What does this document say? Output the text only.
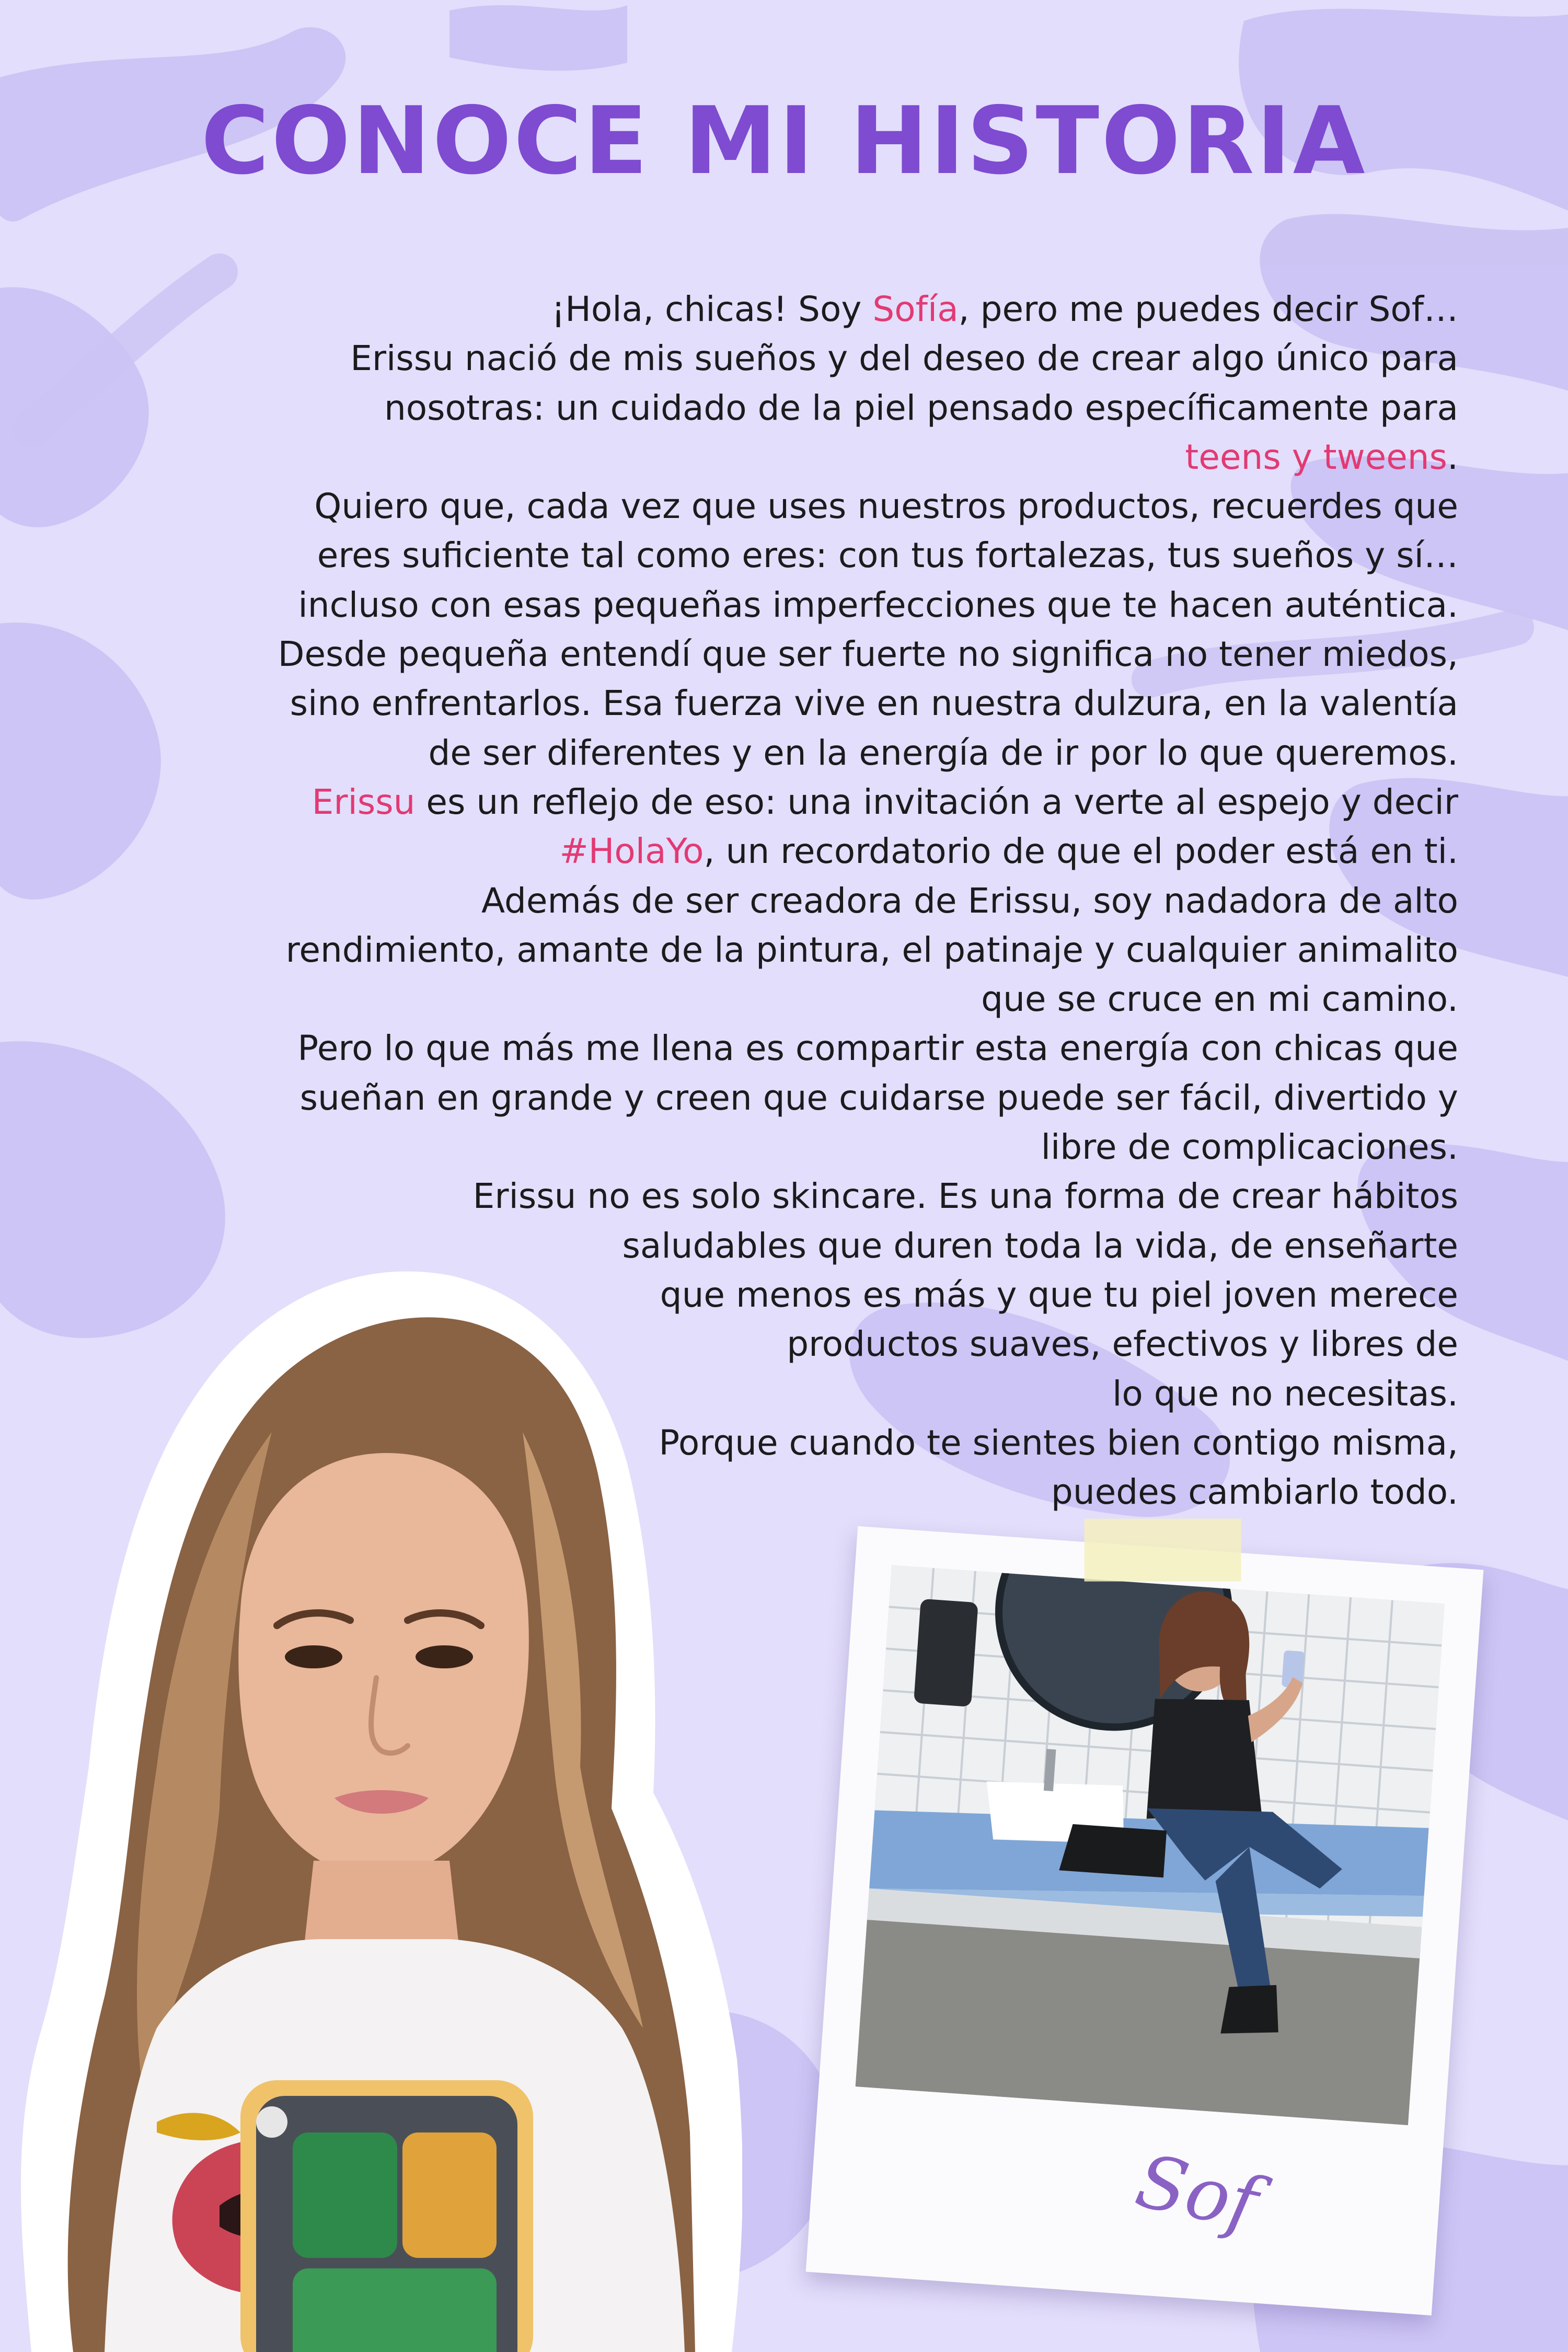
CONOCE MI HISTORIA

¡Hola, chicas! Soy Sofía, pero me puedes decir Sof…
Erissu nació de mis sueños y del deseo de crear algo único para
nosotras: un cuidado de la piel pensado específicamente para
teens y tweens.
Quiero que, cada vez que uses nuestros productos, recuerdes que
eres suficiente tal como eres: con tus fortalezas, tus sueños y sí…
incluso con esas pequeñas imperfecciones que te hacen auténtica.
Desde pequeña entendí que ser fuerte no significa no tener miedos,
sino enfrentarlos. Esa fuerza vive en nuestra dulzura, en la valentía
de ser diferentes y en la energía de ir por lo que queremos.
Erissu es un reflejo de eso: una invitación a verte al espejo y decir
#HolaYo, un recordatorio de que el poder está en ti.
Además de ser creadora de Erissu, soy nadadora de alto
rendimiento, amante de la pintura, el patinaje y cualquier animalito
que se cruce en mi camino.
Pero lo que más me llena es compartir esta energía con chicas que
sueñan en grande y creen que cuidarse puede ser fácil, divertido y
libre de complicaciones.
Erissu no es solo skincare. Es una forma de crear hábitos
saludables que duren toda la vida, de enseñarte
que menos es más y que tu piel joven merece
productos suaves, efectivos y libres de
lo que no necesitas.
Porque cuando te sientes bien contigo misma,
puedes cambiarlo todo.

Sof
